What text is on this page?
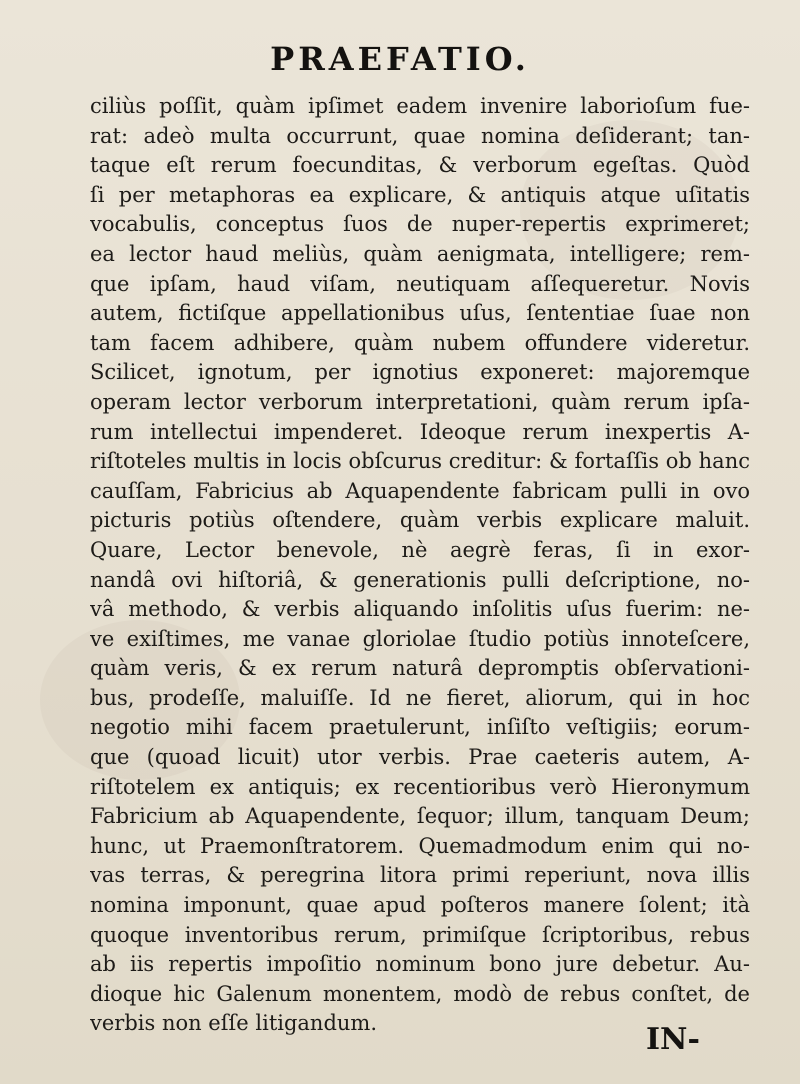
PRAEFATIO.
ciliùs poſſit, quàm ipſimet eadem invenire laborioſum fue-
rat: adeò multa occurrunt, quae nomina deſiderant; tan-
taque eſt rerum foecunditas, & verborum egeſtas. Quòd
ſi per metaphoras ea explicare, & antiquis atque uſitatis
vocabulis, conceptus ſuos de nuper-repertis exprimeret;
ea lector haud meliùs, quàm aenigmata, intelligere; rem-
que ipſam, haud viſam, neutiquam aſſequeretur. Novis
autem, fictiſque appellationibus uſus, ſententiae ſuae non
tam facem adhibere, quàm nubem offundere videretur.
Scilicet, ignotum, per ignotius exponeret: majoremque
operam lector verborum interpretationi, quàm rerum ipſa-
rum intellectui impenderet. Ideoque rerum inexpertis A-
riſtoteles multis in locis obſcurus creditur: & fortaſſis ob hanc
cauſſam, Fabricius ab Aquapendente fabricam pulli in ovo
picturis potiùs oſtendere, quàm verbis explicare maluit.
Quare, Lector benevole, nè aegrè feras, ſi in exor-
nandâ ovi hiſtoriâ, & generationis pulli deſcriptione, no-
vâ methodo, & verbis aliquando inſolitis uſus fuerim: ne-
ve exiſtimes, me vanae gloriolae ſtudio potiùs innoteſcere,
quàm veris, & ex rerum naturâ depromptis obſervationi-
bus, prodeſſe, maluiſſe. Id ne fieret, aliorum, qui in hoc
negotio mihi facem praetulerunt, inſiſto veſtigiis; eorum-
que (quoad licuit) utor verbis. Prae caeteris autem, A-
riſtotelem ex antiquis; ex recentioribus verò Hieronymum
Fabricium ab Aquapendente, ſequor; illum, tanquam Deum;
hunc, ut Praemonſtratorem. Quemadmodum enim qui no-
vas terras, & peregrina litora primi reperiunt, nova illis
nomina imponunt, quae apud poſteros manere ſolent; ità
quoque inventoribus rerum, primiſque ſcriptoribus, rebus
ab iis repertis impoſitio nominum bono jure debetur. Au-
dioque hic Galenum monentem, modò de rebus conſtet, de
verbis non eſſe litigandum.	IN-
